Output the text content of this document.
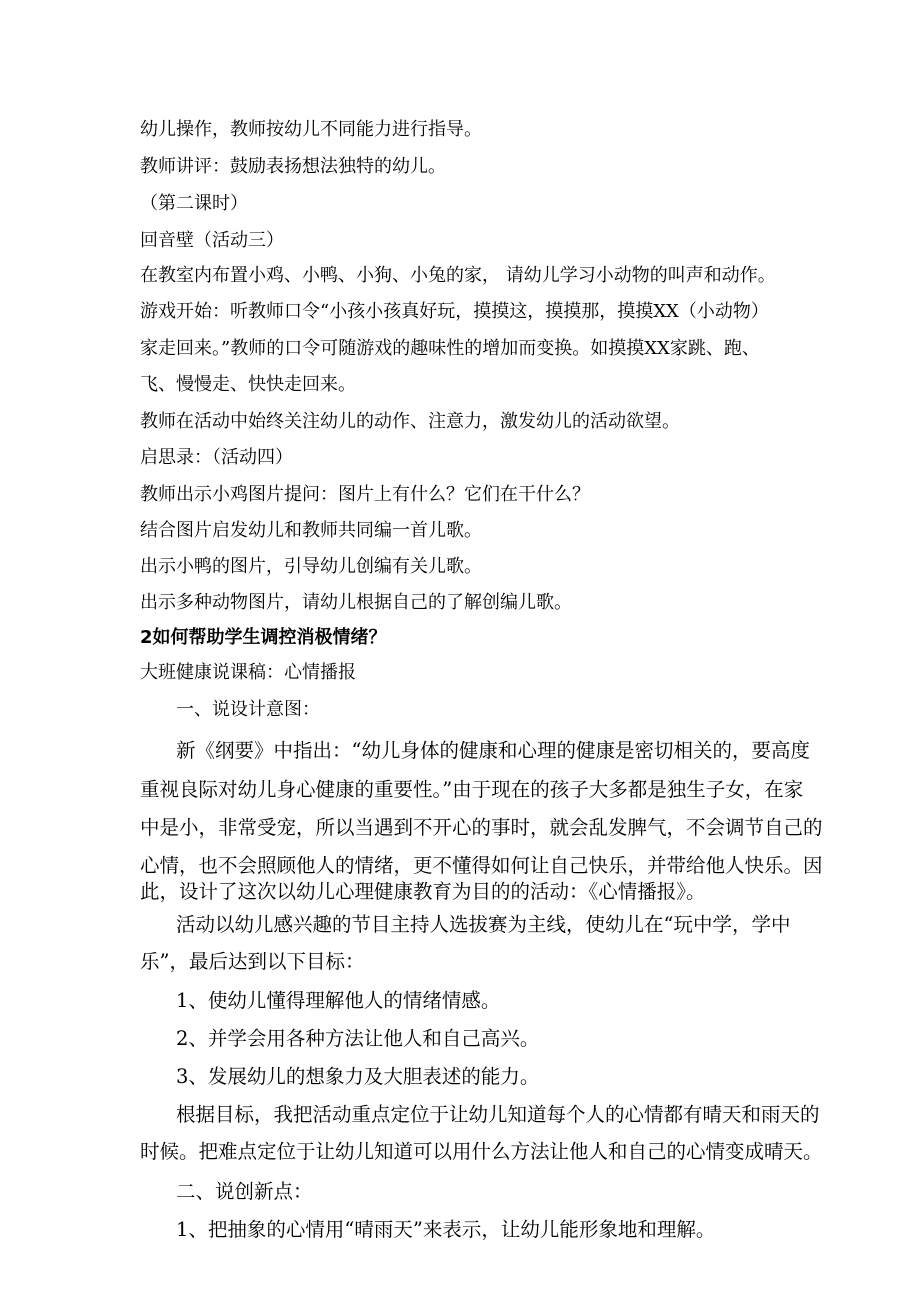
幼儿操作，教师按幼儿不同能力进行指导。
教师讲评：鼓励表扬想法独特的幼儿。
（第二课时）
回音壁（活动三）
在教室内布置小鸡、小鸭、小狗、小兔的家， 请幼儿学习小动物的叫声和动作。
游戏开始：听教师口令“小孩小孩真好玩，摸摸这，摸摸那，摸摸XX（小动物）
家走回来。”教师的口令可随游戏的趣味性的增加而变换。如摸摸XX家跳、跑、
飞、慢慢走、快快走回来。
教师在活动中始终关注幼儿的动作、注意力，激发幼儿的活动欲望。
启思录：（活动四）
教师出示小鸡图片提问：图片上有什么？它们在干什么？
结合图片启发幼儿和教师共同编一首儿歌。
出示小鸭的图片，引导幼儿创编有关儿歌。
出示多种动物图片，请幼儿根据自己的了解创编儿歌。
2如何帮助学生调控消极情绪？
大班健康说课稿：心情播报
一、说设计意图：
新《纲要》中指出：“幼儿身体的健康和心理的健康是密切相关的，要高度
重视良际对幼儿身心健康的重要性。”由于现在的孩子大多都是独生子女，在家
中是小，非常受宠，所以当遇到不开心的事时，就会乱发脾气，不会调节自己的
心情，也不会照顾他人的情绪，更不懂得如何让自己快乐，并带给他人快乐。因
此，设计了这次以幼儿心理健康教育为目的的活动：《心情播报》。
活动以幼儿感兴趣的节目主持人选拔赛为主线，使幼儿在“玩中学，学中
乐”，最后达到以下目标：
1、使幼儿懂得理解他人的情绪情感。
2、并学会用各种方法让他人和自己高兴。
3、发展幼儿的想象力及大胆表述的能力。
根据目标，我把活动重点定位于让幼儿知道每个人的心情都有晴天和雨天的
时候。把难点定位于让幼儿知道可以用什么方法让他人和自己的心情变成晴天。
二、说创新点：
1、把抽象的心情用“晴雨天”来表示，让幼儿能形象地和理解。
